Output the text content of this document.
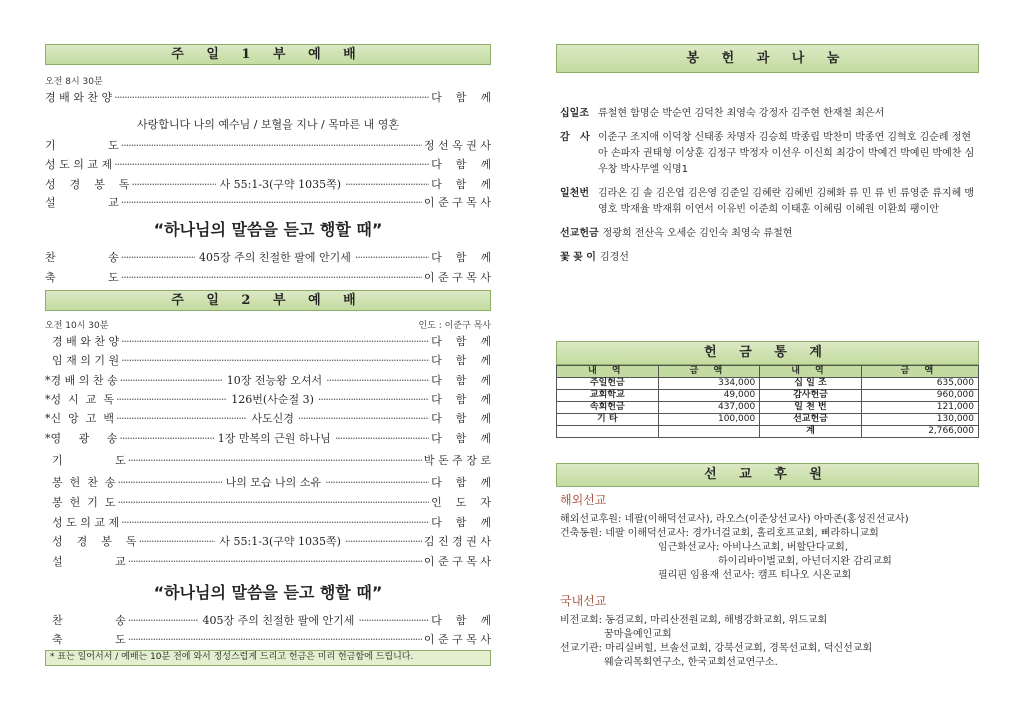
주 일 1 부 예 배
오전 8시 30분
경 배 와 찬 양 ·····	다    함    께
사랑합니다 나의 예수님 / 보혈을 지나 / 목마른 내 영혼
기               도 ·····	정 선 옥 권 사
성 도 의 교 제 ·····	다    함    께
성    경    봉    독 ·····	사 55:1-3(구약 1035쪽) ·····	다    함    께
설               교 ·····	이 준 구 목 사
“하나님의 말씀을 듣고 행할 때”
찬               송 ·····	405장 주의 친절한 팔에 안기세 ·····	다    함    께
축               도 ·····	이 준 구 목 사
주 일 2 부 예 배
오전 10시 30분	인도 : 이준구 목사
경 배 와 찬 양 ·····	다    함    께
임 재 의 기 원 ·····	다    함    께
*경 배 의 찬 송 ·····	10장 전능왕 오셔서 ·····	다    함    께
*성  시  교  독 ·····	126번(사순절 3) ·····	다    함    께
*신  앙  고  백 ·····	사도신경 ·····	다    함    께
*영     광     송 ·····	1장 만복의 근원 하나님 ·····	다    함    께
기               도 ·····	박 돈 주 장 로
봉  헌  찬  송 ·····	나의 모습 나의 소유 ·····	다    함    께
봉  헌  기  도 ·····	인    도    자
성 도 의 교 제 ·····	다    함    께
성    경    봉    독 ·····	사 55:1-3(구약 1035쪽) ·····	김 진 경 권 사
설               교 ·····	이 준 구 목 사
“하나님의 말씀을 듣고 행할 때”
찬               송 ·····	405장 주의 친절한 팔에 안기세 ·····	다    함    께
축               도 ·····	이 준 구 목 사
* 표는 일어서서 / 예배는 10분 전에 와서 정성스럽게 드리고 헌금은 미리 헌금함에 드립니다.
봉 헌 과 나 눔
십일조 류철현 함명순 박순연 김덕찬 최영숙 강정자 김주현 한재철 최은서
감   사 이준구 조지애 이덕창 신태종 차명자 김승희 박종립 박찬미 박종연 김혁호 김순례 정현아 손파자 권태형 이상훈 김정구 박정자 이선우 이신희 최강이 박예건 박예린 박예찬 심우창 박사무엘 익명1
일천번 김라온 김 솔 김은엽 김은영 김준일 김혜란 김혜빈 김혜화 류 민 류 빈 류영준 류지혜 맹영호 박재율 박재휘 이연서 이유빈 이준희 이태훈 이혜림 이혜원 이환희 팽이안
선교헌금 정광희 전산옥 오세순 김인숙 최영숙 류철현
꽃 꽂 이 김경선
헌 금 통 계
내 역	금 액	내 역	금 액
주일헌금	334,000	십 일 조	635,000
교회학교	49,000	감사헌금	960,000
속회헌금	437,000	일 천 번	121,000
기 타	100,000	선교헌금	130,000
		계	2,766,000
선 교 후 원
해외선교
해외선교후원: 네팔(이해덕선교사), 라오스(이준상선교사) 아마존(홍성진선교사)
건축동원: 네팔 이해덕선교사: 경가너걸교회, 홀리호프교회, 삐라하니교회
임근화선교사: 아비나스교회, 버할단다교회,
하이리바이벌교회, 아넌더지완 감리교회
필리핀 임용재 선교사: 캠프 티나오 시온교회
국내선교
비전교회: 동검교회, 마리산전원교회, 해병강화교회, 위드교회
꿈마을예인교회
선교기관: 마리실버힐, 브솔선교회, 강북선교회, 경목선교회, 덕신선교회
웨슬리목회연구소, 한국교회선교연구소.
